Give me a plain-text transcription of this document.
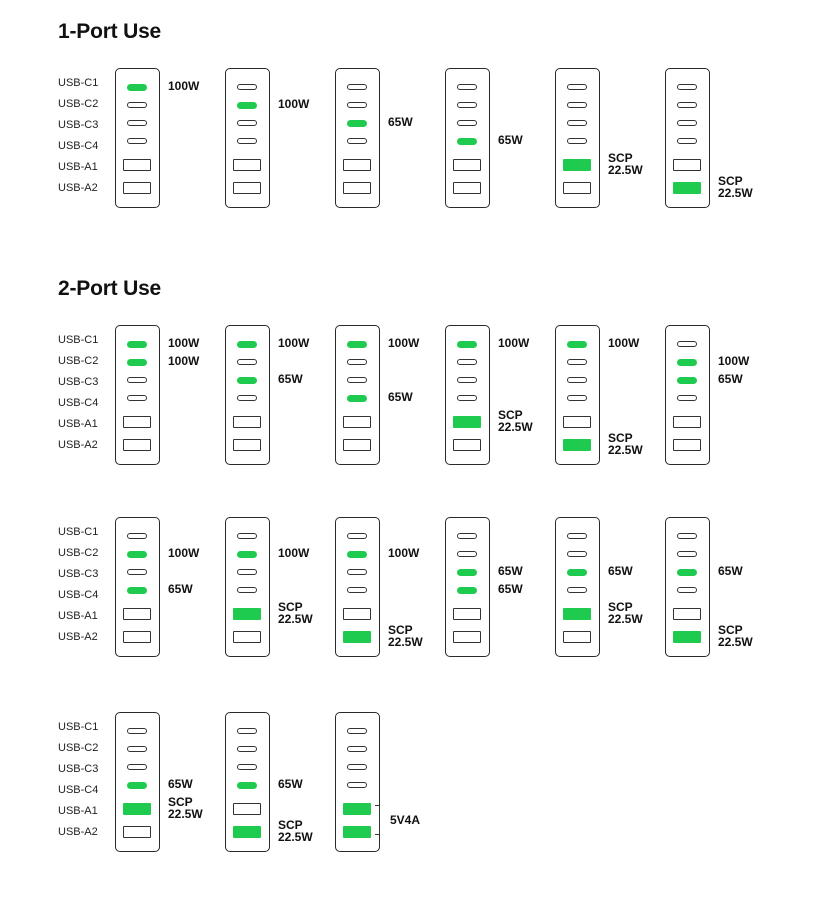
1-Port Use
USB-C1
USB-C2
USB-C3
USB-C4
USB-A1
USB-A2
100W
100W
65W
65W
SCP
22.5W
SCP
22.5W
2-Port Use
USB-C1
USB-C2
USB-C3
USB-C4
USB-A1
USB-A2
100W
100W
100W
65W
100W
65W
100W
SCP
22.5W
100W
SCP
22.5W
100W
65W
USB-C1
USB-C2
USB-C3
USB-C4
USB-A1
USB-A2
100W
65W
100W
SCP
22.5W
100W
SCP
22.5W
65W
65W
65W
SCP
22.5W
65W
SCP
22.5W
USB-C1
USB-C2
USB-C3
USB-C4
USB-A1
USB-A2
65W
SCP
22.5W
65W
SCP
22.5W
5V4A
